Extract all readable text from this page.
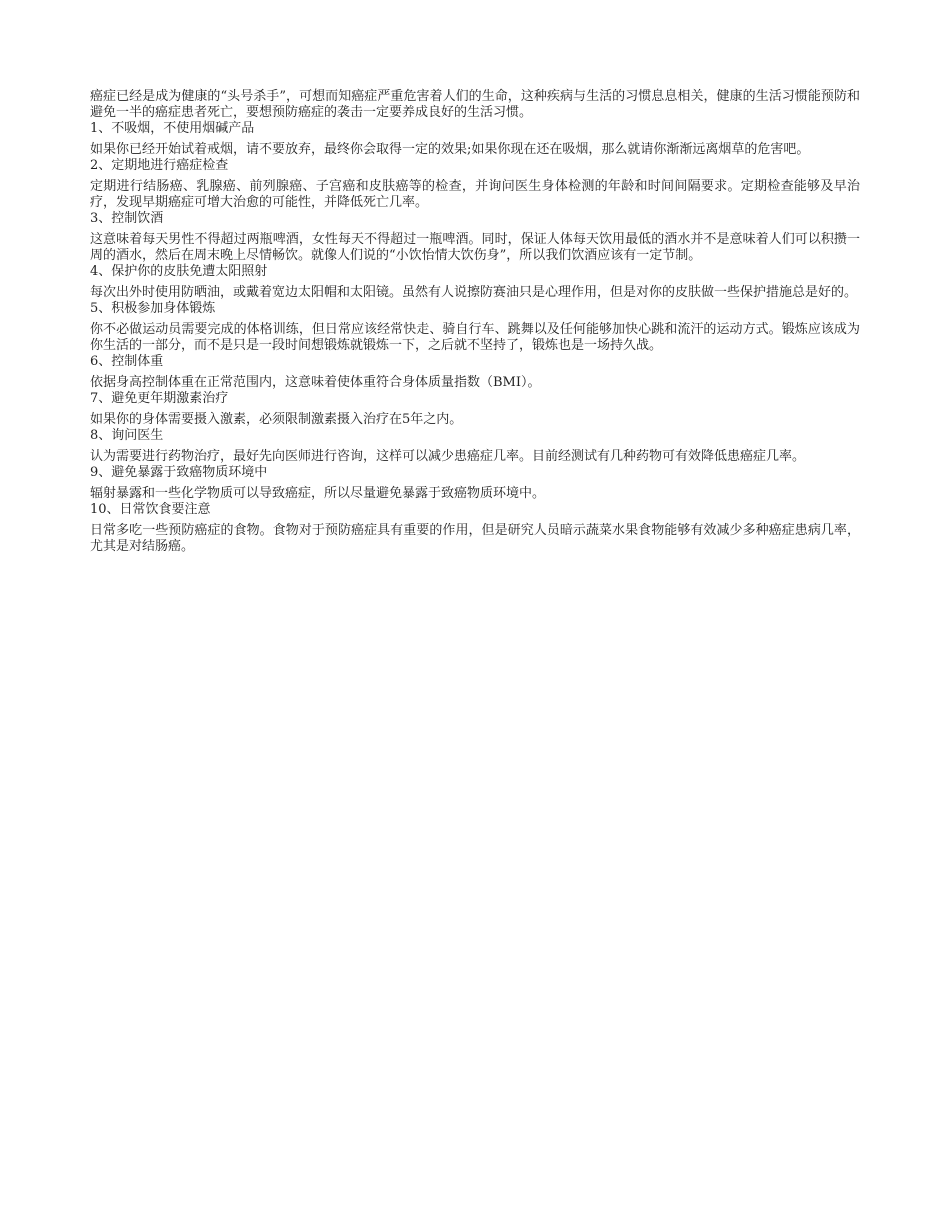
癌症已经是成为健康的“头号杀手”，可想而知癌症严重危害着人们的生命，这种疾病与生活的习惯息息相关，健康的生活习惯能预防和避免一半的癌症患者死亡，要想预防癌症的袭击一定要养成良好的生活习惯。

1、不吸烟，不使用烟碱产品

如果你已经开始试着戒烟，请不要放弃，最终你会取得一定的效果;如果你现在还在吸烟，那么就请你渐渐远离烟草的危害吧。

2、定期地进行癌症检查

定期进行结肠癌、乳腺癌、前列腺癌、子宫癌和皮肤癌等的检查，并询问医生身体检测的年龄和时间间隔要求。定期检查能够及早治疗，发现早期癌症可增大治愈的可能性，并降低死亡几率。

3、控制饮酒

这意味着每天男性不得超过两瓶啤酒，女性每天不得超过一瓶啤酒。同时，保证人体每天饮用最低的酒水并不是意味着人们可以积攒一周的酒水，然后在周末晚上尽情畅饮。就像人们说的“小饮怡情大饮伤身”，所以我们饮酒应该有一定节制。

4、保护你的皮肤免遭太阳照射

每次出外时使用防晒油，或戴着宽边太阳帽和太阳镜。虽然有人说擦防赛油只是心理作用，但是对你的皮肤做一些保护措施总是好的。

5、积极参加身体锻炼

你不必做运动员需要完成的体格训练，但日常应该经常快走、骑自行车、跳舞以及任何能够加快心跳和流汗的运动方式。锻炼应该成为你生活的一部分，而不是只是一段时间想锻炼就锻炼一下，之后就不坚持了，锻炼也是一场持久战。

6、控制体重

依据身高控制体重在正常范围内，这意味着使体重符合身体质量指数（BMI）。

7、避免更年期激素治疗

如果你的身体需要摄入激素，必须限制激素摄入治疗在5年之内。

8、询问医生

认为需要进行药物治疗，最好先向医师进行咨询，这样可以减少患癌症几率。目前经测试有几种药物可有效降低患癌症几率。

9、避免暴露于致癌物质环境中

辐射暴露和一些化学物质可以导致癌症，所以尽量避免暴露于致癌物质环境中。

10、日常饮食要注意

日常多吃一些预防癌症的食物。食物对于预防癌症具有重要的作用，但是研究人员暗示蔬菜水果食物能够有效减少多种癌症患病几率，尤其是对结肠癌。
